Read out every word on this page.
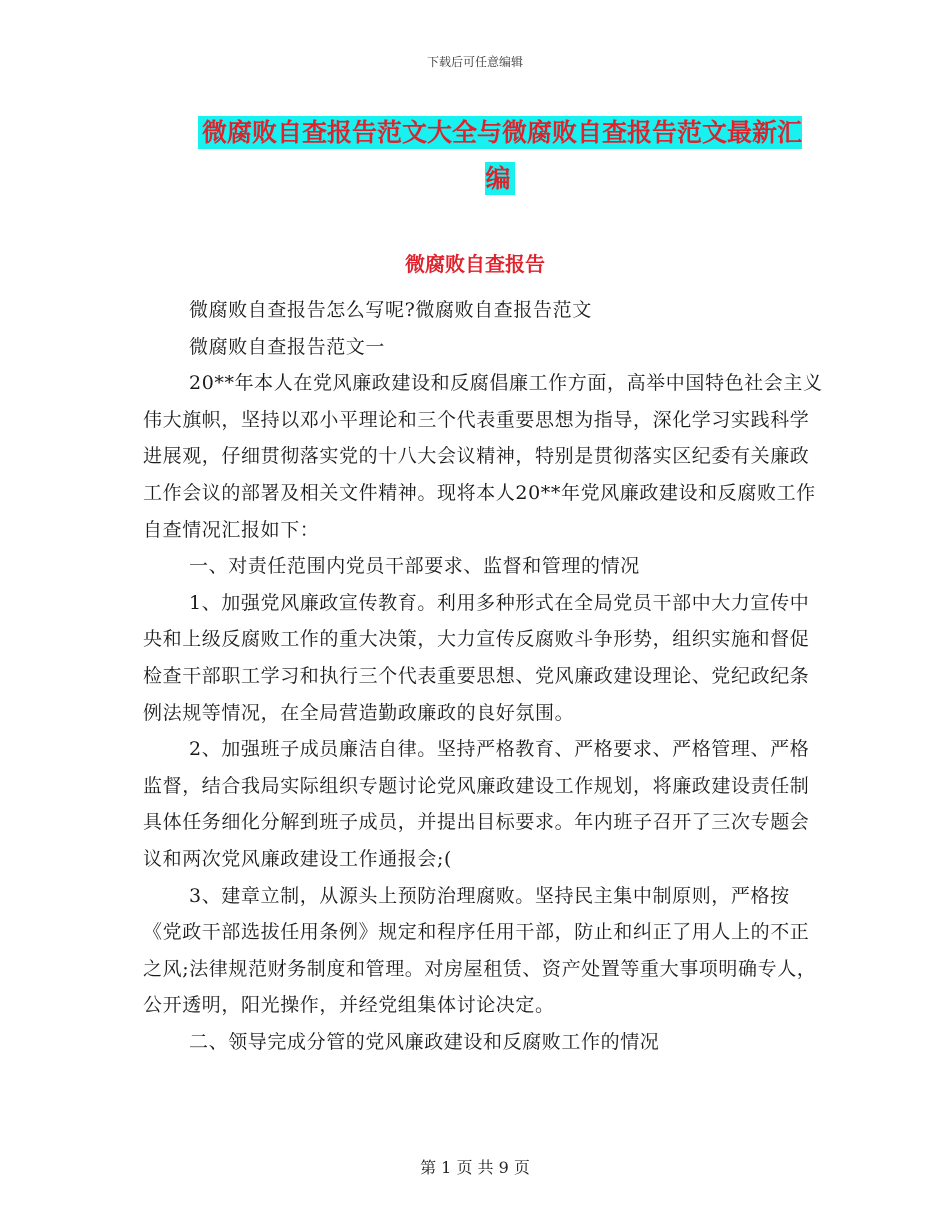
下载后可任意编辑
微腐败自查报告范文大全与微腐败自查报告范文最新汇编
微腐败自查报告

微腐败自查报告怎么写呢?微腐败自查报告范文

微腐败自查报告范文一

20**年本人在党风廉政建设和反腐倡廉工作方面，高举中国特色社会主义伟大旗帜，坚持以邓小平理论和三个代表重要思想为指导，深化学习实践科学进展观，仔细贯彻落实党的十八大会议精神，特别是贯彻落实区纪委有关廉政工作会议的部署及相关文件精神。现将本人20**年党风廉政建设和反腐败工作自查情况汇报如下：

一、对责任范围内党员干部要求、监督和管理的情况

1、加强党风廉政宣传教育。利用多种形式在全局党员干部中大力宣传中央和上级反腐败工作的重大决策，大力宣传反腐败斗争形势，组织实施和督促检查干部职工学习和执行三个代表重要思想、党风廉政建设理论、党纪政纪条例法规等情况，在全局营造勤政廉政的良好氛围。

2、加强班子成员廉洁自律。坚持严格教育、严格要求、严格管理、严格监督，结合我局实际组织专题讨论党风廉政建设工作规划，将廉政建设责任制具体任务细化分解到班子成员，并提出目标要求。年内班子召开了三次专题会议和两次党风廉政建设工作通报会;(

3、建章立制，从源头上预防治理腐败。坚持民主集中制原则，严格按《党政干部选拔任用条例》规定和程序任用干部，防止和纠正了用人上的不正之风;法律规范财务制度和管理。对房屋租赁、资产处置等重大事项明确专人，公开透明，阳光操作，并经党组集体讨论决定。

二、领导完成分管的党风廉政建设和反腐败工作的情况

第 1 页 共 9 页
